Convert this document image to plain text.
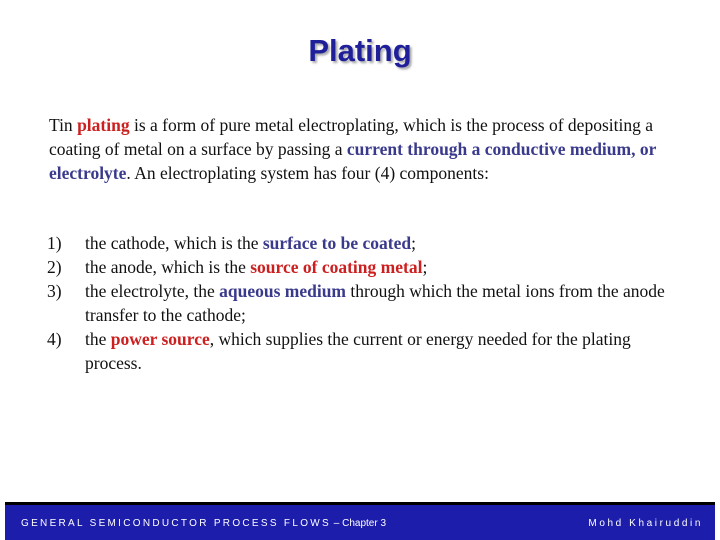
Plating

Tin plating is a form of pure metal electroplating, which is the process of depositing a coating of metal on a surface by passing a current through a conductive medium, or electrolyte. An electroplating system has four (4) components:

1) the cathode, which is the surface to be coated;
2) the anode, which is the source of coating metal;
3) the electrolyte, the aqueous medium through which the metal ions from the anode transfer to the cathode;
4) the power source, which supplies the current or energy needed for the plating process.
GENERAL SEMICONDUCTOR PROCESS FLOWS – Chapter 3	Mohd Khairuddin
